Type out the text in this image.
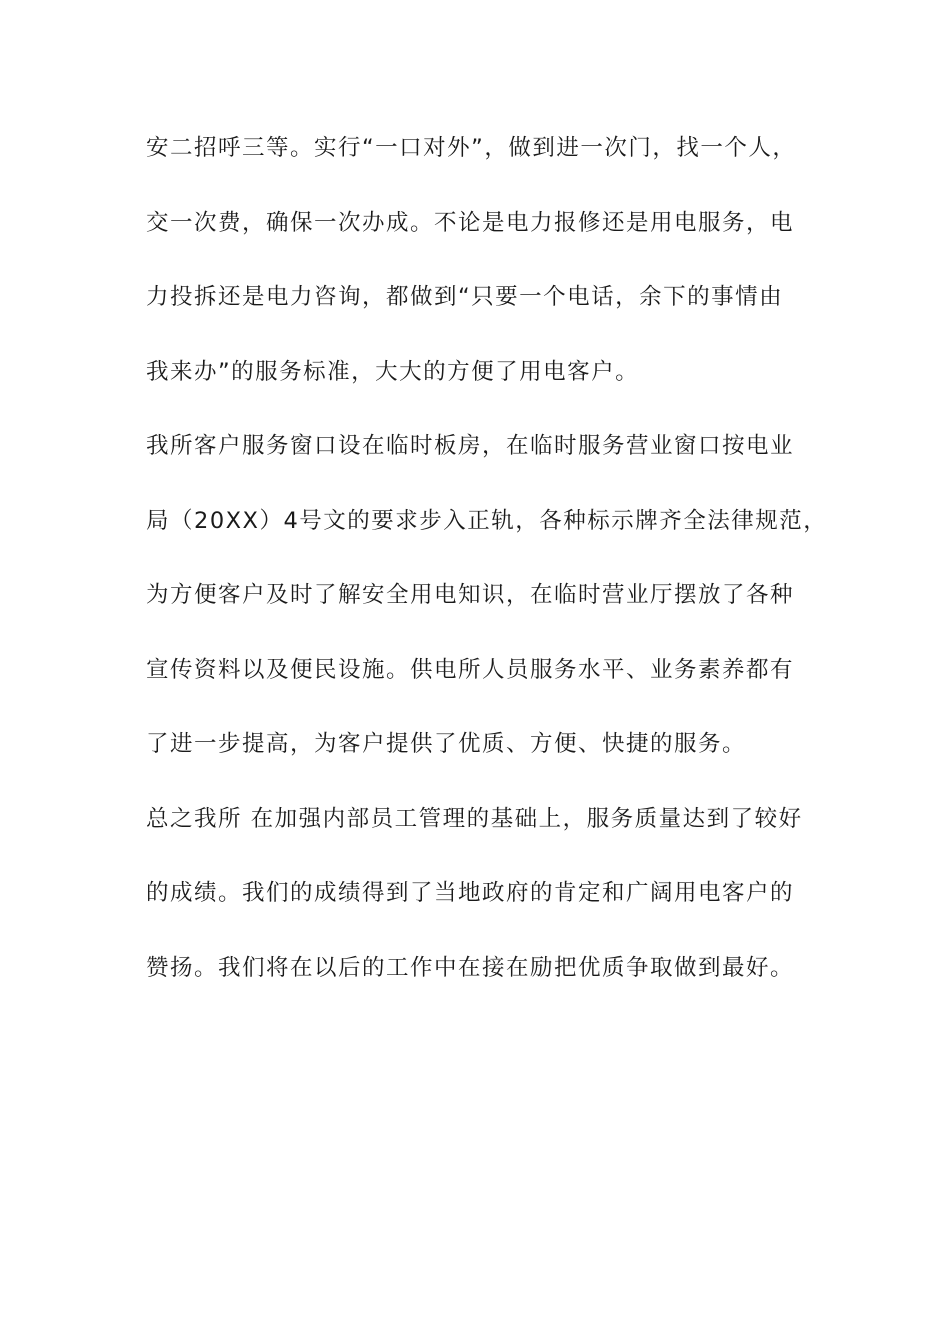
安二招呼三等。实行“一口对外”，做到进一次门，找一个人，
交一次费，确保一次办成。不论是电力报修还是用电服务，电
力投拆还是电力咨询，都做到“只要一个电话，余下的事情由
我来办”的服务标准，大大的方便了用电客户。
我所客户服务窗口设在临时板房，在临时服务营业窗口按电业
局（20XX）4号文的要求步入正轨，各种标示牌齐全法律规范，
为方便客户及时了解安全用电知识，在临时营业厅摆放了各种
宣传资料以及便民设施。供电所人员服务水平、业务素养都有
了进一步提高，为客户提供了优质、方便、快捷的服务。
总之我所 在加强内部员工管理的基础上，服务质量达到了较好
的成绩。我们的成绩得到了当地政府的肯定和广阔用电客户的
赞扬。我们将在以后的工作中在接在励把优质争取做到最好。
